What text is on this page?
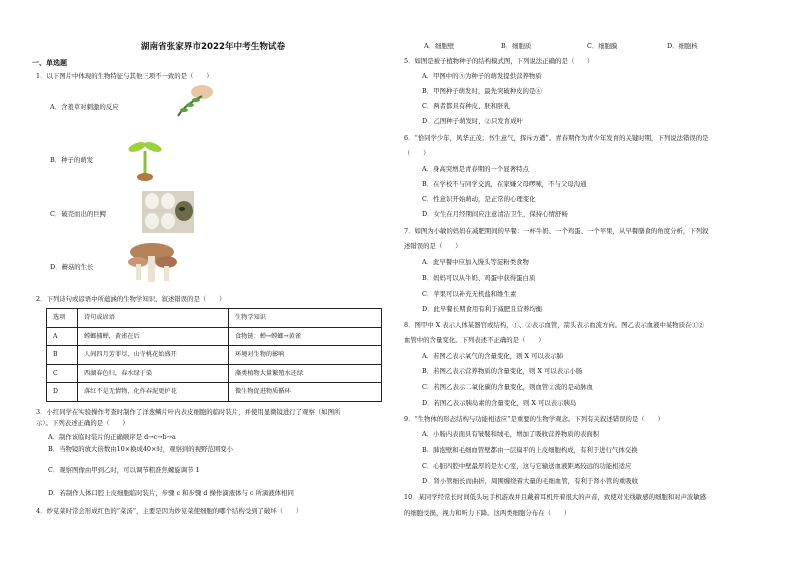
湖南省张家界市2022年中考生物试卷
一、单选题
1．以下图片中体现的生物特征与其他三项不一致的是（　　）
A．含羞草对刺激的反应
B．种子的萌发
C．破壳而出的巨鳄
D．蘑菇的生长
2．下列诗句或谚语中所蕴涵的生物学知识，叙述错误的是（　　）
选项	诗句或谚语	生物学知识
A	螳螂捕蝉，黄雀在后	食物链：蝉→螳螂→黄雀
B	人间四月芳菲尽，山寺桃花始盛开	环境对生物的影响
C	西湖春色归，春水绿于染	藻类植物大量繁殖水还绿
D	落红不是无情物，化作春泥更护花	微生物促进物质循环
3．小红同学在实验操作考查时制作了洋葱鳞片叶内表皮细胞的临时装片，并使用显微镜进行了观察（如图所
示）。下列表述正确的是（　　）
A．制作该临时装片的正确顺序是 d→c→b→a
B．当物镜的放大倍数由10×换成40×时，观察到的视野范围变小
C．观察图像由甲到乙时，可以调节粗准焦螺旋调节 1
D．若制作人体口腔上皮细胞临时装片，步骤 c 和步骤 d 操作滴液体与 c 所滴液体相同
4．炒苋菜时常会形成红色的“菜汤”，主要是因为炒苋菜使细胞的哪个结构受到了破坏（　　）
A．细胞壁	B．细胞质	C．细胞膜	D．细胞核
5．如图是被子植物种子的结构模式图，下列说法正确的是（　　）
A．甲图中的⑤为种子的萌发提供营养物质
B．甲图种子萌发时，最先突破种皮的是④
C．两者都具有种皮、胚和胚乳
D．乙图种子萌发时，②只发育成叶
6．“恰同学少年，风华正茂；书生意气，挥斥方遒”。青春期作为青少年发育的关键时期，下列说法错误的是
（　　）
A．身高突增是青春期的一个显著特点
B．在学校不与同学交流，在家嫌父母啰嗦，不与父母沟通
C．性意识开始萌动，是正常的心理变化
D．女生在月经期间应注意清洁卫生，保持心情舒畅
7．如图为小敏的妈妈在减肥期间的早餐：一杯牛奶、一个鸡蛋、一个苹果，从早餐膳食的角度分析，下列叙
述错误的是（　　）
A．此早餐中应加入馒头等淀粉类食物
B．妈妈可以从牛奶、鸡蛋中获得蛋白质
C．苹果可以补充无机盐和维生素
D．此早餐长期食用有利于减肥且营养均衡
8．图甲中 X 表示人体某器官或结构，①、②表示血管，箭头表示血流方向。图乙表示血液中某物质在①②
血管中的含量变化。下列表述不正确的是（　　）
A．若图乙表示氧气的含量变化，则 X 可以表示肺
B．若图乙表示营养物质的含量变化，则 X 可以表示小肠
C．若图乙表示二氧化碳的含量变化，则血管②流的是动脉血
D．若图乙表示胰岛素的含量变化，则 X 可以表示胰岛
9．“生物体的形态结构与功能相适应”是重要的生物学观念。下列有关叙述错误的是（　　）
A．小肠内表面具有皱襞和绒毛，增加了吸收营养物质的表面积
B．肺泡壁和毛细血管壁都由一层扁平的上皮细胞构成，有利于进行气体交换
C．心脏四腔中壁最厚的是左心室，这与它输送血液距离较远的功能相适应
D．肾小管细长而曲折，周围缠绕着大量的毛细血管，有利于肾小管的重吸收
10．某同学经常长时间低头玩手机游戏并且戴着耳机开着很大的声音，致使对光线敏感的细胞和对声波敏感
的细胞受损，视力和听力下降。这两类细胞分布在（　　）
